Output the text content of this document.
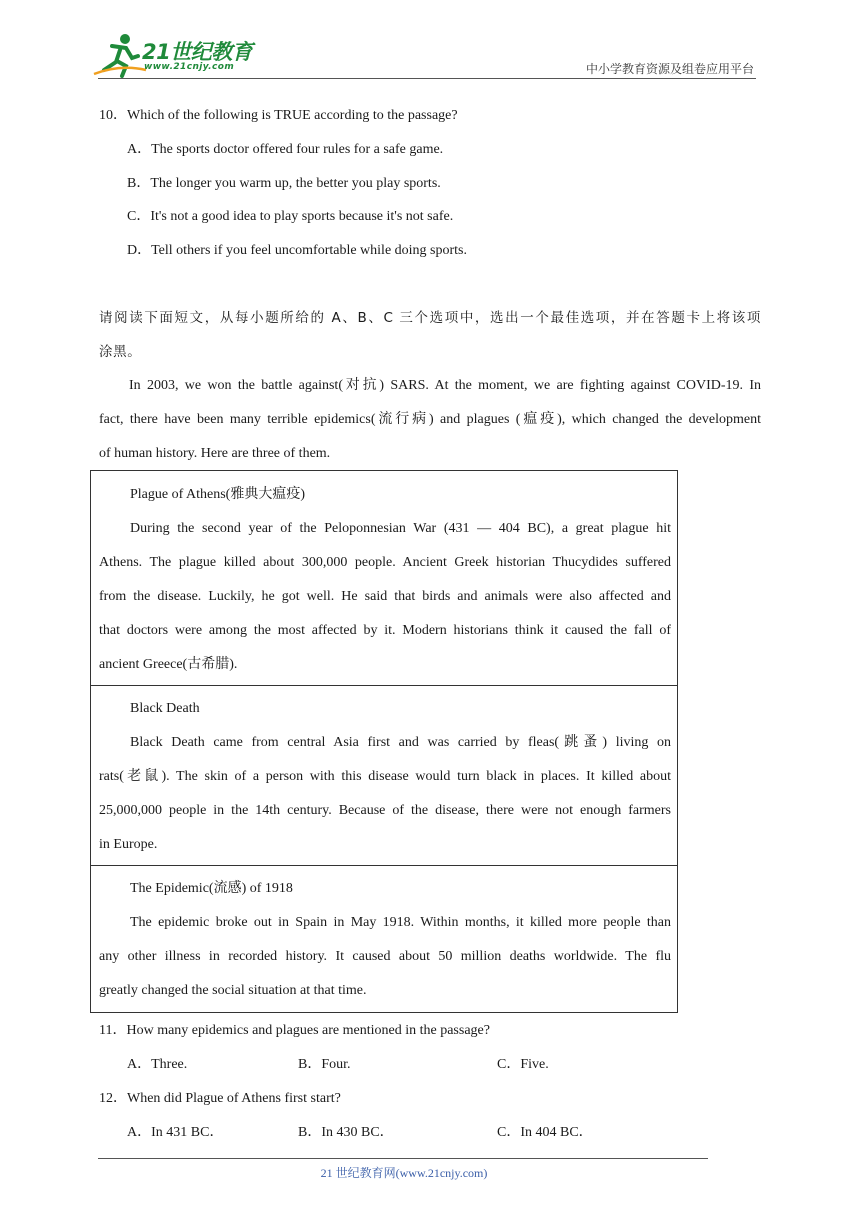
21世纪教育
www.21cnjy.com	中小学教育资源及组卷应用平台
10．Which of the following is TRUE according to the passage?
A．The sports doctor offered four rules for a safe game.
B．The longer you warm up, the better you play sports.
C．It's not a good idea to play sports because it's not safe.
D．Tell others if you feel uncomfortable while doing sports.
请阅读下面短文，从每小题所给的 A、B、C 三个选项中，选出一个最佳选项，并在答题卡上将该项
涂黑。
In 2003, we won the battle against(对抗) SARS. At the moment, we are fighting against COVID-19. In
fact, there have been many terrible epidemics(流行病) and plagues (瘟疫), which changed the development
of human history. Here are three of them.
Plague of Athens(雅典大瘟疫)
During the second year of the Peloponnesian War (431 — 404 BC), a great plague hit
Athens. The plague killed about 300,000 people. Ancient Greek historian Thucydides suffered
from the disease. Luckily, he got well. He said that birds and animals were also affected and
that doctors were among the most affected by it. Modern historians think it caused the fall of
ancient Greece(古希腊).
Black Death
Black Death came from central Asia first and was carried by fleas(跳蚤) living on
rats(老鼠). The skin of a person with this disease would turn black in places. It killed about
25,000,000 people in the 14th century. Because of the disease, there were not enough farmers
in Europe.
The Epidemic(流感) of 1918
The epidemic broke out in Spain in May 1918. Within months, it killed more people than
any other illness in recorded history. It caused about 50 million deaths worldwide. The flu
greatly changed the social situation at that time.
11．How many epidemics and plagues are mentioned in the passage?
A．Three.	B．Four.	C．Five.
12．When did Plague of Athens first start?
A．In 431 BC．	B．In 430 BC．	C．In 404 BC．
21 世纪教育网(www.21cnjy.com)
